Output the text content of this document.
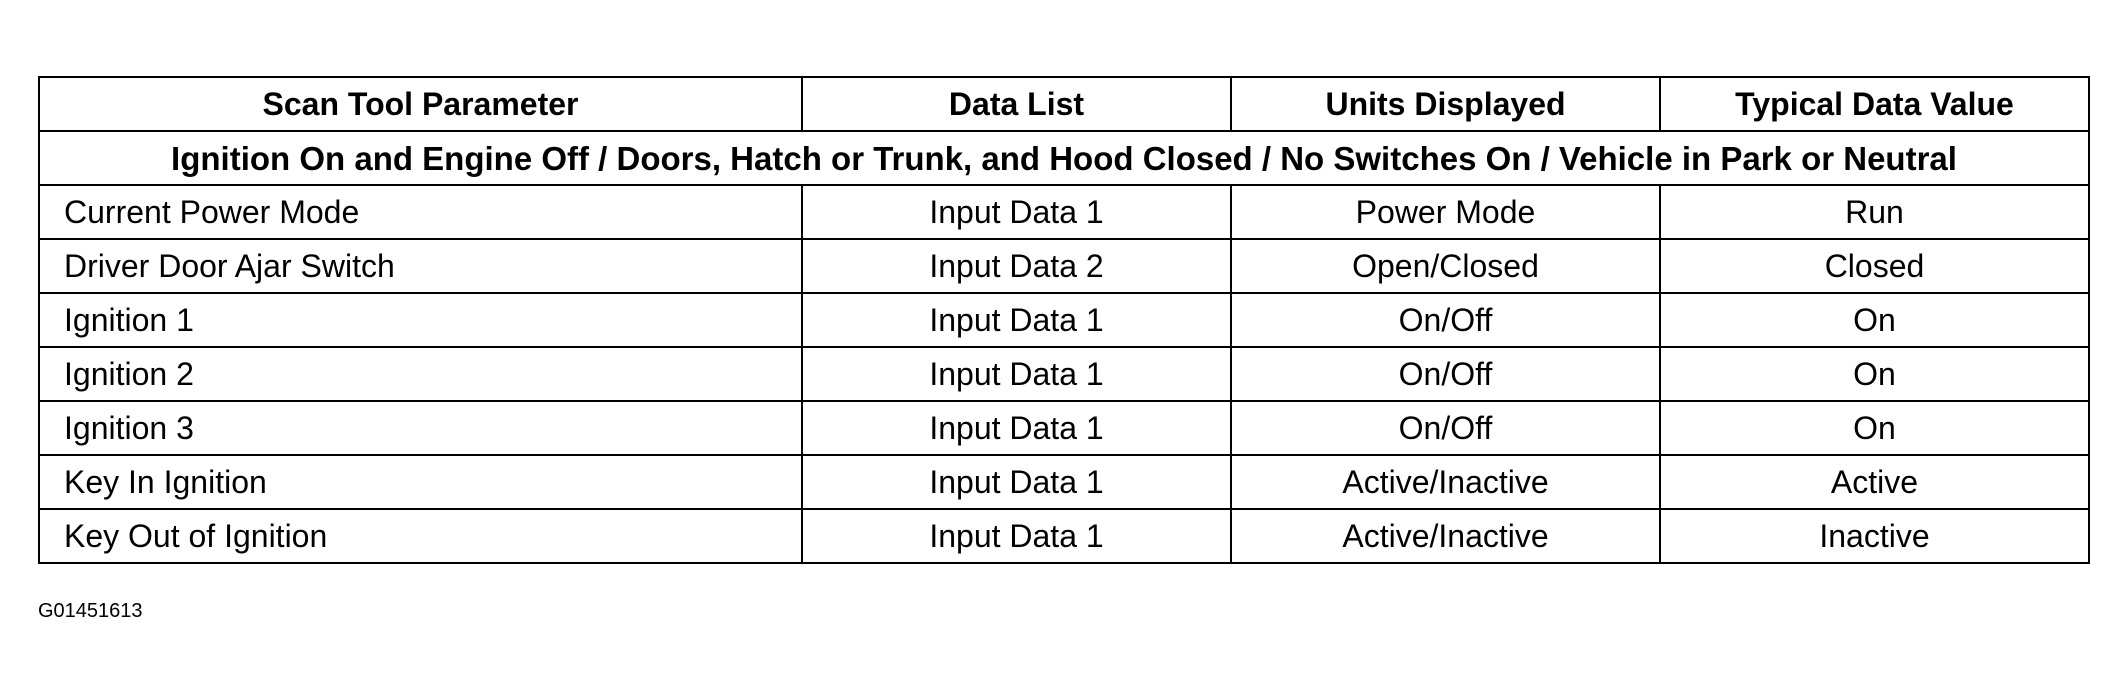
Scan Tool Parameter	Data List	Units Displayed	Typical Data Value
Ignition On and Engine Off / Doors, Hatch or Trunk, and Hood Closed / No Switches On / Vehicle in Park or Neutral			
Current Power Mode	Input Data 1	Power Mode	Run
Driver Door Ajar Switch	Input Data 2	Open/Closed	Closed
Ignition 1	Input Data 1	On/Off	On
Ignition 2	Input Data 1	On/Off	On
Ignition 3	Input Data 1	On/Off	On
Key In Ignition	Input Data 1	Active/Inactive	Active
Key Out of Ignition	Input Data 1	Active/Inactive	Inactive
G01451613
